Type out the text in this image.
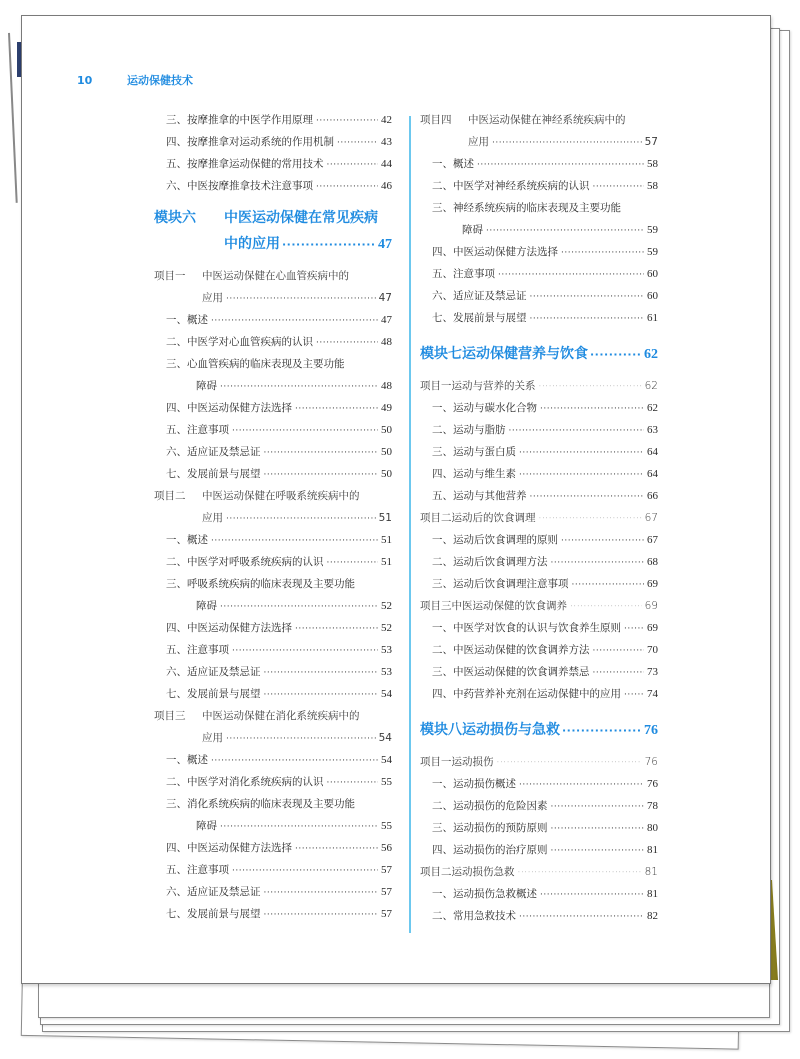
10	运动保健技术
三、按摩推拿的中医学作用原理 ·····	42
四、按摩推拿对运动系统的作用机制 ·····	43
五、按摩推拿运动保健的常用技术 ·····	44
六、中医按摩推拿技术注意事项 ·····	46
模块六	中医运动保健在常见疾病
中的应用 ·····	47
项目一	中医运动保健在心血管疾病中的
应用 ·····	47
一、概述 ·····	47
二、中医学对心血管疾病的认识 ·····	48
三、心血管疾病的临床表现及主要功能
障碍 ·····	48
四、中医运动保健方法选择 ·····	49
五、注意事项 ·····	50
六、适应证及禁忌证 ·····	50
七、发展前景与展望 ·····	50
项目二	中医运动保健在呼吸系统疾病中的
应用 ·····	51
一、概述 ·····	51
二、中医学对呼吸系统疾病的认识 ·····	51
三、呼吸系统疾病的临床表现及主要功能
障碍 ·····	52
四、中医运动保健方法选择 ·····	52
五、注意事项 ·····	53
六、适应证及禁忌证 ·····	53
七、发展前景与展望 ·····	54
项目三	中医运动保健在消化系统疾病中的
应用 ·····	54
一、概述 ·····	54
二、中医学对消化系统疾病的认识 ·····	55
三、消化系统疾病的临床表现及主要功能
障碍 ·····	55
四、中医运动保健方法选择 ·····	56
五、注意事项 ·····	57
六、适应证及禁忌证 ·····	57
七、发展前景与展望 ·····	57
项目四	中医运动保健在神经系统疾病中的
应用 ·····	57
一、概述 ·····	58
二、中医学对神经系统疾病的认识 ·····	58
三、神经系统疾病的临床表现及主要功能
障碍 ·····	59
四、中医运动保健方法选择 ·····	59
五、注意事项 ·····	60
六、适应证及禁忌证 ·····	60
七、发展前景与展望 ·····	61
模块七 运动保健营养与饮食 ·····	62
项目一 运动与营养的关系 ·····	62
一、运动与碳水化合物 ·····	62
二、运动与脂肪 ·····	63
三、运动与蛋白质 ·····	64
四、运动与维生素 ·····	64
五、运动与其他营养 ·····	66
项目二 运动后的饮食调理 ·····	67
一、运动后饮食调理的原则 ·····	67
二、运动后饮食调理方法 ·····	68
三、运动后饮食调理注意事项 ·····	69
项目三 中医运动保健的饮食调养 ·····	69
一、中医学对饮食的认识与饮食养生原则 ····· 69
二、中医运动保健的饮食调养方法 ·····	70
三、中医运动保健的饮食调养禁忌 ·····	73
四、中药营养补充剂在运动保健中的应用 ····· 74
模块八 运动损伤与急救 ·····	76
项目一 运动损伤 ·····	76
一、运动损伤概述 ·····	76
二、运动损伤的危险因素 ·····	78
三、运动损伤的预防原则 ·····	80
四、运动损伤的治疗原则 ·····	81
项目二 运动损伤急救 ·····	81
一、运动损伤急救概述 ·····	81
二、常用急救技术 ·····	82
